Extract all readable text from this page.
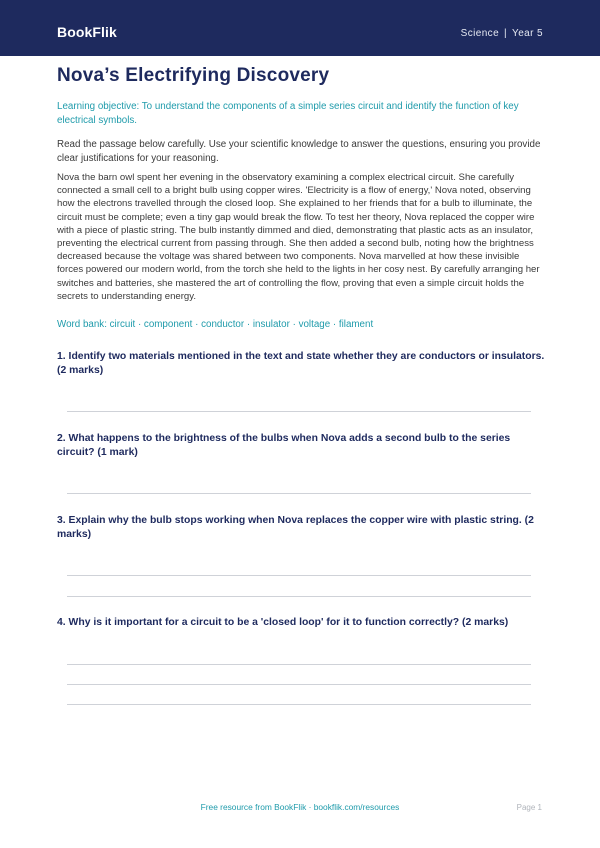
BookFlik	Science | Year 5
Nova’s Electrifying Discovery

Learning objective: To understand the components of a simple series circuit and identify the function of key electrical symbols.

Read the passage below carefully. Use your scientific knowledge to answer the questions, ensuring you provide clear justifications for your reasoning.

Nova the barn owl spent her evening in the observatory examining a complex electrical circuit. She carefully connected a small cell to a bright bulb using copper wires. 'Electricity is a flow of energy,' Nova noted, observing how the electrons travelled through the closed loop. She explained to her friends that for a bulb to illuminate, the circuit must be complete; even a tiny gap would break the flow. To test her theory, Nova replaced the copper wire with a piece of plastic string. The bulb instantly dimmed and died, demonstrating that plastic acts as an insulator, preventing the electrical current from passing through. She then added a second bulb, noting how the brightness decreased because the voltage was shared between two components. Nova marvelled at how these invisible forces powered our modern world, from the torch she held to the lights in her cosy nest. By carefully arranging her switches and batteries, she mastered the art of controlling the flow, proving that even a simple circuit holds the secrets to understanding energy.

Word bank: circuit · component · conductor · insulator · voltage · filament

1. Identify two materials mentioned in the text and state whether they are conductors or insulators. (2 marks)

2. What happens to the brightness of the bulbs when Nova adds a second bulb to the series circuit? (1 mark)

3. Explain why the bulb stops working when Nova replaces the copper wire with plastic string. (2 marks)

4. Why is it important for a circuit to be a 'closed loop' for it to function correctly? (2 marks)

Free resource from BookFlik · bookflik.com/resources	Page 1
